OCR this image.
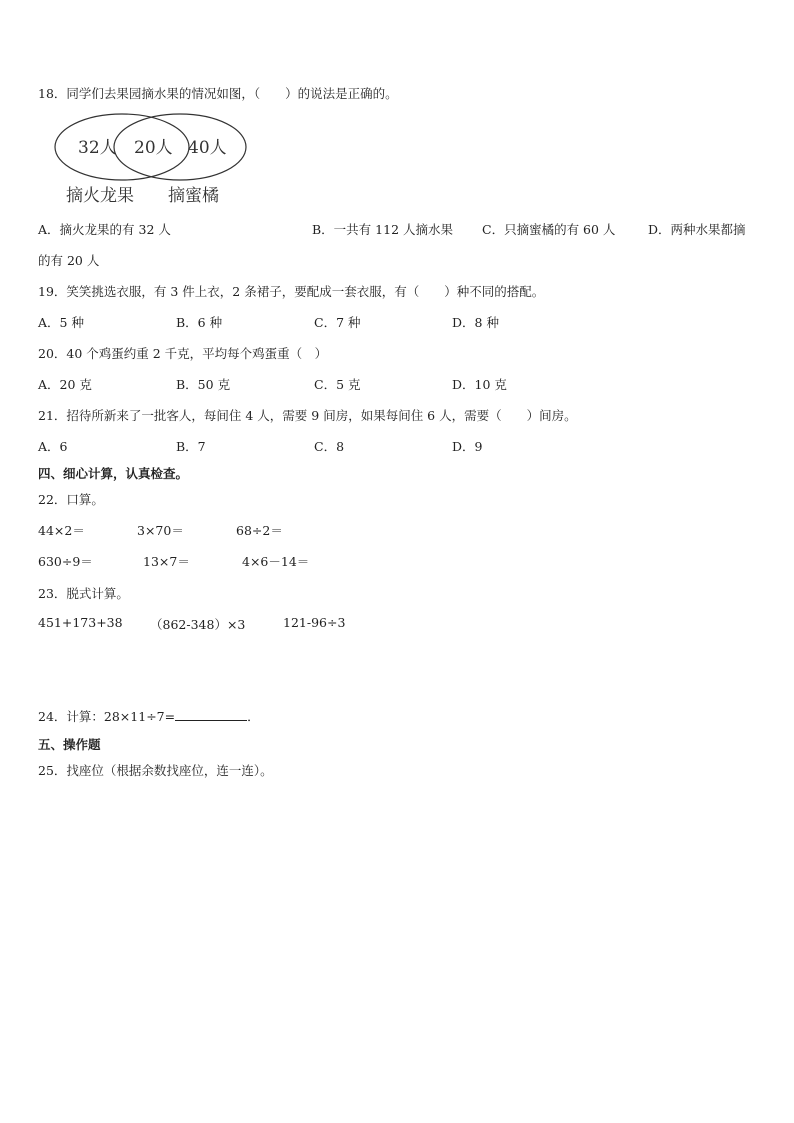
18．同学们去果园摘水果的情况如图，（　　）的说法是正确的。
32人 20人 40人
摘火龙果 摘蜜橘
A．摘火龙果的有 32 人	B．一共有 112 人摘水果 C．只摘蜜橘的有 60 人	D．两种水果都摘
的有 20 人
19．笑笑挑选衣服，有 3 件上衣，2 条裙子，要配成一套衣服，有（　　）种不同的搭配。
A．5 种	B．6 种	C．7 种	D．8 种
20．40 个鸡蛋约重 2 千克，平均每个鸡蛋重（　）
A．20 克	B．50 克	C．5 克	D．10 克
21．招待所新来了一批客人，每间住 4 人，需要 9 间房，如果每间住 6 人，需要（　　）间房。
A．6	B．7	C．8	D．9
四、细心计算，认真检查。
22．口算。
44×2＝	3×70＝	68÷2＝
630÷9＝	13×7＝	4×6－14＝
23．脱式计算。
451+173+38 （862-348）×3	121-96÷3
24．计算：28×11÷7=	．
五、操作题
25．找座位（根据余数找座位，连一连）。
